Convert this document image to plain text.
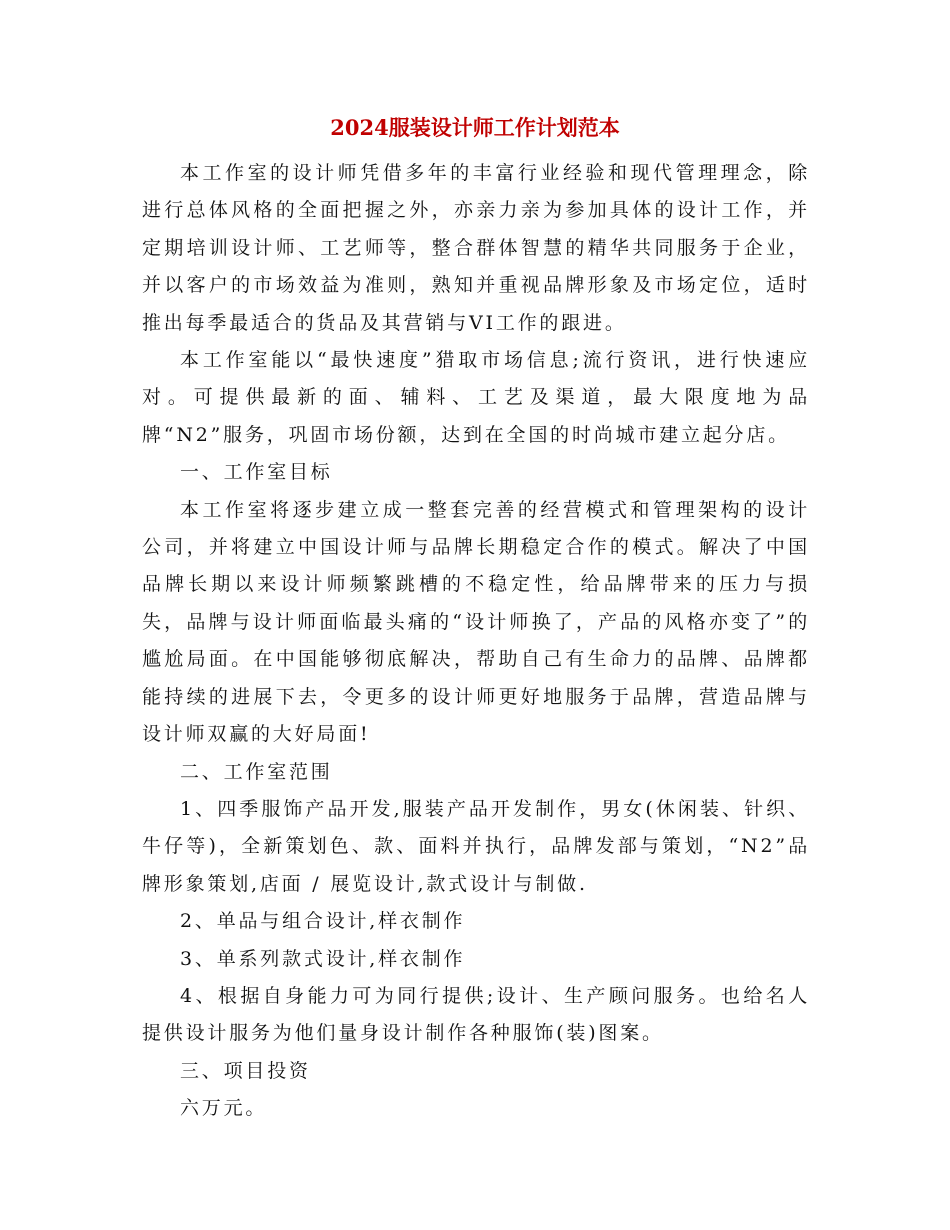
2024服装设计师工作计划范本

本工作室的设计师凭借多年的丰富行业经验和现代管理理念，除进行总体风格的全面把握之外，亦亲力亲为参加具体的设计工作，并定期培训设计师、工艺师等，整合群体智慧的精华共同服务于企业，并以客户的市场效益为准则，熟知并重视品牌形象及市场定位，适时推出每季最适合的货品及其营销与VI工作的跟进。

本工作室能以“最快速度”猎取市场信息;流行资讯，进行快速应对。可提供最新的面、辅料、工艺及渠道，最大限度地为品牌“N2”服务，巩固市场份额，达到在全国的时尚城市建立起分店。

一、工作室目标

本工作室将逐步建立成一整套完善的经营模式和管理架构的设计公司，并将建立中国设计师与品牌长期稳定合作的模式。解决了中国品牌长期以来设计师频繁跳槽的不稳定性，给品牌带来的压力与损失，品牌与设计师面临最头痛的“设计师换了，产品的风格亦变了”的尴尬局面。在中国能够彻底解决，帮助自己有生命力的品牌、品牌都能持续的进展下去，令更多的设计师更好地服务于品牌，营造品牌与设计师双赢的大好局面!

二、工作室范围

1、四季服饰产品开发,服装产品开发制作，男女(休闲装、针织、牛仔等)，全新策划色、款、面料并执行，品牌发部与策划，“N2”品牌形象策划,店面 / 展览设计,款式设计与制做.

2、单品与组合设计,样衣制作

3、单系列款式设计,样衣制作

4、根据自身能力可为同行提供;设计、生产顾问服务。也给名人提供设计服务为他们量身设计制作各种服饰(装)图案。

三、项目投资

六万元。
